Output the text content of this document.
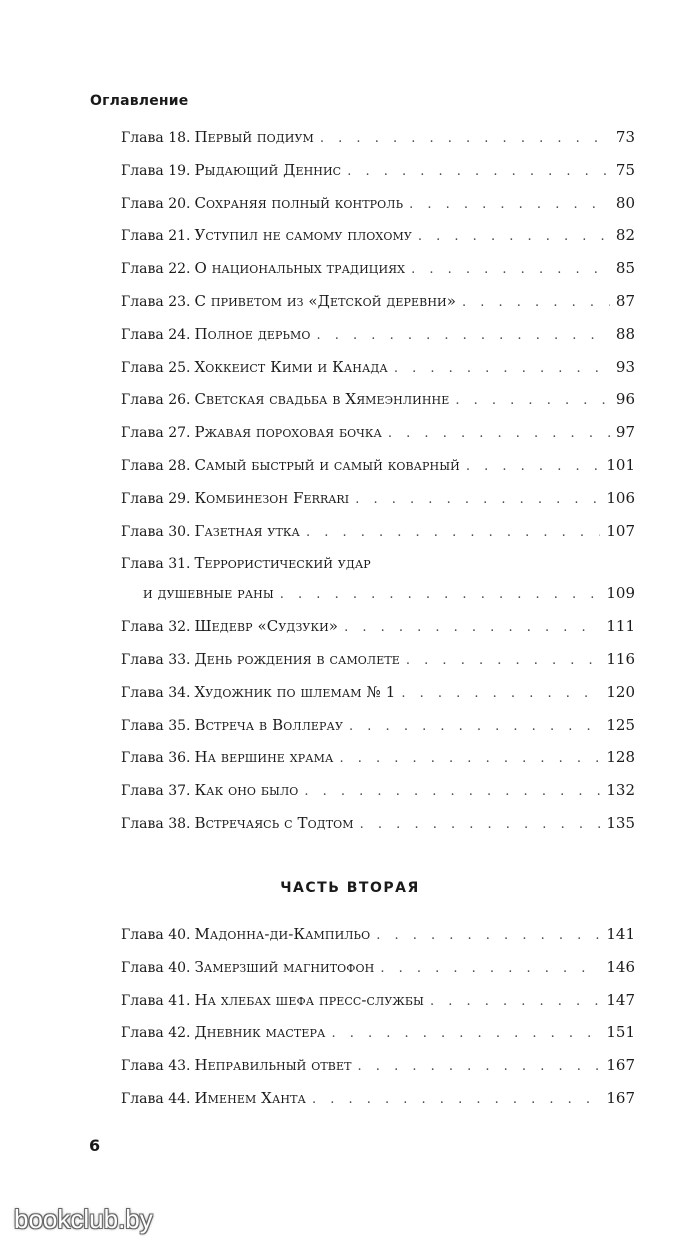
Оглавление
Глава 18. Первый подиум . . .	73
Глава 19. Рыдающий Деннис . . .	75
Глава 20. Сохраняя полный контроль . . .	80
Глава 21. Уступил не самому плохому . . .	82
Глава 22. О национальных традициях . . .	85
Глава 23. С приветом из «Детской деревни» . . .	87
Глава 24. Полное дерьмо . . .	88
Глава 25. Хоккеист Кими и Канада . . .	93
Глава 26. Светская свадьба в Хямеэнлинне . . .	96
Глава 27. Ржавая пороховая бочка . . .	97
Глава 28. Самый быстрый и самый коварный . . .	101
Глава 29. Комбинезон Ferrari . . .	106
Глава 30. Газетная утка . . .	107
Глава 31. Террористический удар
и душевные раны . . .	109
Глава 32. Шедевр «Судзуки» . . .	111
Глава 33. День рождения в самолете . . .	116
Глава 34. Художник по шлемам № 1 . . .	120
Глава 35. Встреча в Воллерау . . .	125
Глава 36. На вершине храма . . .	128
Глава 37. Как оно было . . .	132
Глава 38. Встречаясь с Тодтом . . .	135
ЧАСТЬ ВТОРАЯ
Глава 40. Мадонна-ди-Кампильо . . .	141
Глава 40. Замерзший магнитофон . . .	146
Глава 41. На хлебах шефа пресс-службы . . .	147
Глава 42. Дневник мастера . . .	151
Глава 43. Неправильный ответ . . .	167
Глава 44. Именем Ханта . . .	167
6
bookclub.by
